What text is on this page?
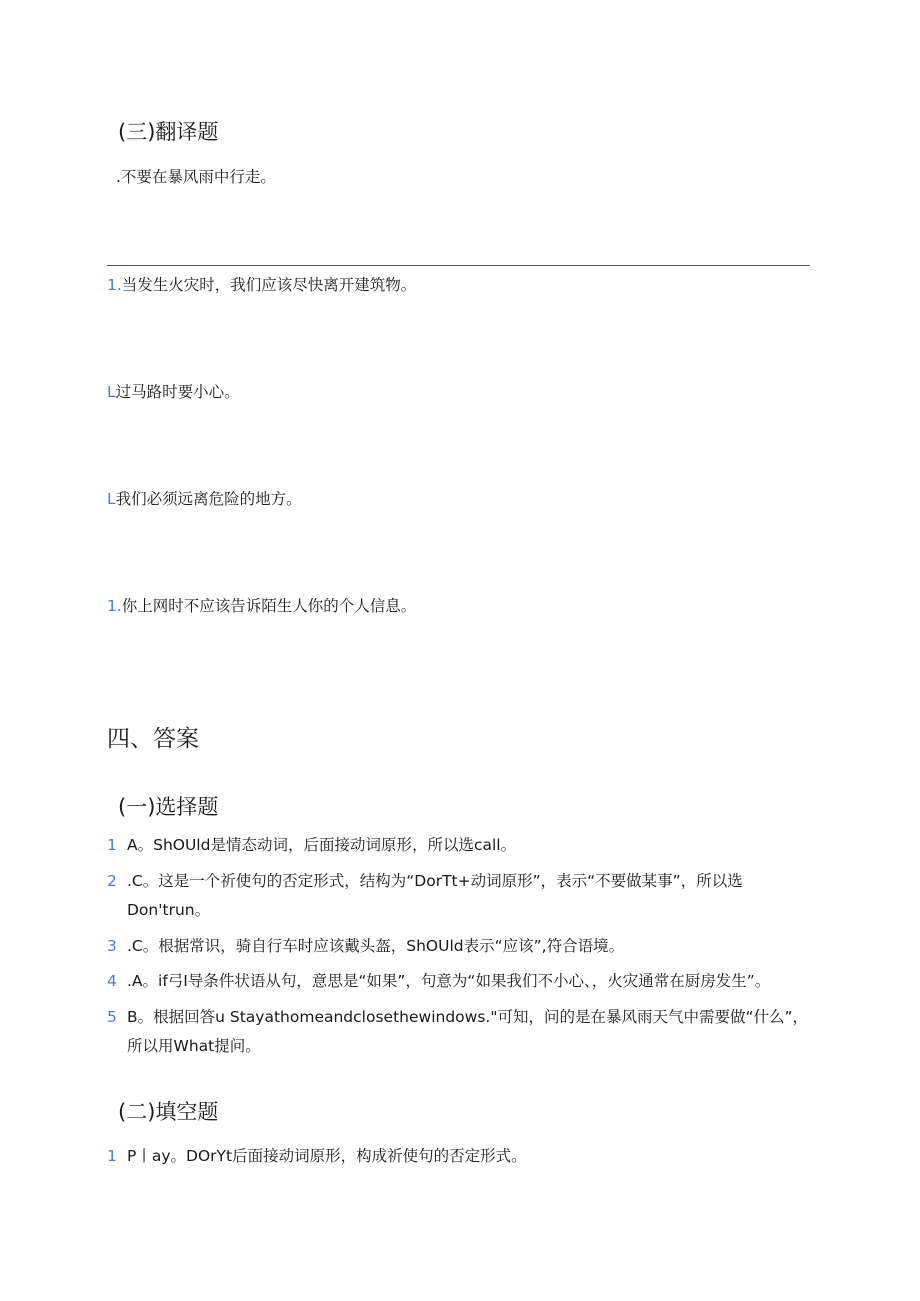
(三)翻译题
.不要在暴风雨中行走。
1.当发生火灾时，我们应该尽快离开建筑物。
L过马路时要小心。
L我们必须远离危险的地方。
1.你上网时不应该告诉陌生人你的个人信息。
四、答案
(一)选择题
1 A。ShOUld是情态动词，后面接动词原形，所以选call。
2 .C。这是一个祈使句的否定形式，结构为“DorTt+动词原形”，表示“不要做某事”，所以选
Don'trun。
3 .C。根据常识，骑自行车时应该戴头盔，ShOUld表示“应该”,符合语境。
4 .A。if弓I导条件状语从句，意思是“如果”，句意为“如果我们不小心、，火灾通常在厨房发生”。
5 B。根据回答u Stayathomeandclosethewindows."可知，问的是在暴风雨天气中需要做“什么”，
所以用What提问。
(二)填空题
1 P丨ay。DOrYt后面接动词原形，构成祈使句的否定形式。
